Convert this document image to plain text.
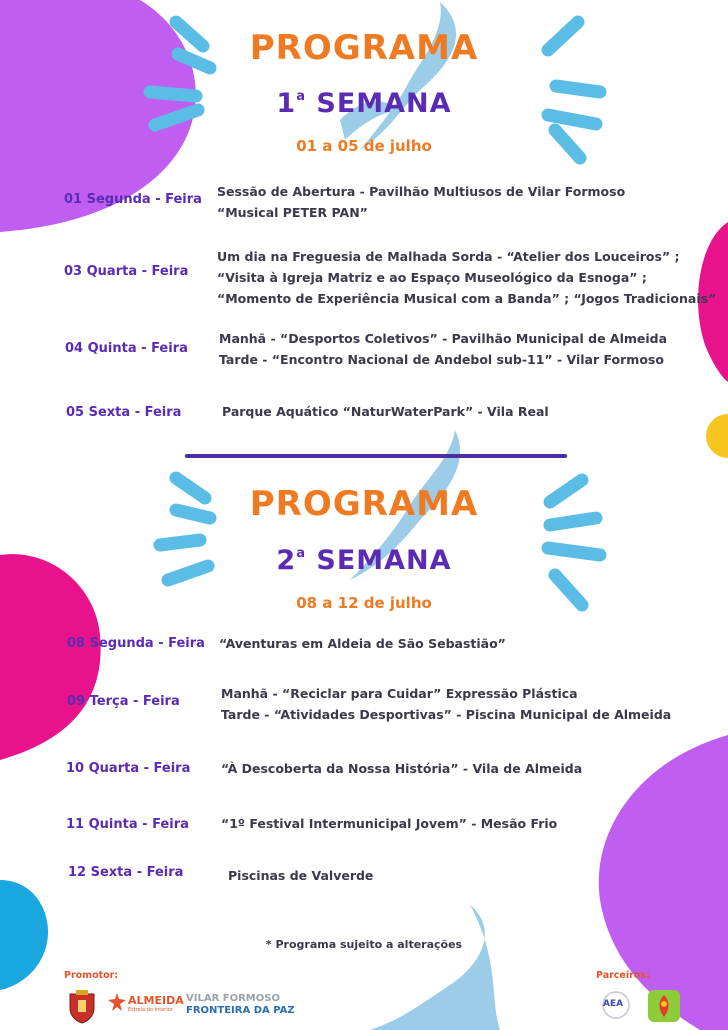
PROGRAMA
1$^a$ SEMANA
01 a 05 de julho
01 Segunda - Feira
Sessão de Abertura - Pavilhão Multiusos de Vilar Formoso
“Musical PETER PAN”
03 Quarta - Feira
Um dia na Freguesia de Malhada Sorda - “Atelier dos Louceiros” ;
“Visita à Igreja Matriz e ao Espaço Museológico da Esnoga” ;
“Momento de Experiência Musical com a Banda” ; “Jogos Tradicionais”
04 Quinta - Feira
Manhã - “Desportos Coletivos” - Pavilhão Municipal de Almeida
Tarde - “Encontro Nacional de Andebol sub-11” - Vilar Formoso
05 Sexta - Feira	Parque Aquático “NaturWaterPark” - Vila Real
PROGRAMA
2$^a$ SEMANA
08 a 12 de julho
08 Segunda - Feira “Aventuras em Aldeia de São Sebastião”
09 Terça - Feira
Manhã - “Reciclar para Cuidar” Expressão Plástica
Tarde - “Atividades Desportivas” - Piscina Municipal de Almeida
10 Quarta - Feira “À Descoberta da Nossa História” - Vila de Almeida
11 Quinta - Feira	“1º Festival Intermunicipal Jovem” - Mesão Frio
12 Sexta - Feira	Piscinas de Valverde
* Programa sujeito a alterações
Promotor:	Parceiros:
ALMEIDA
Estrela do Interior
VILAR FORMOSO
FRONTEIRA DA PAZ
AEA
